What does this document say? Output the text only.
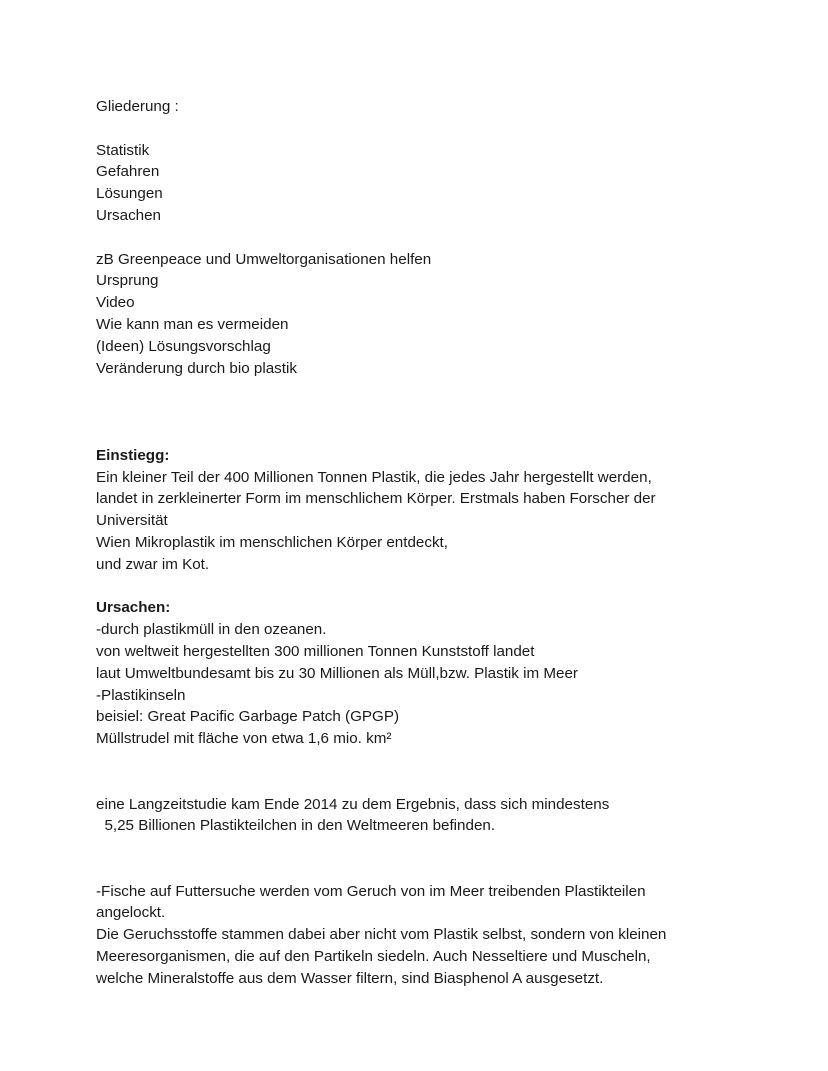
Gliederung :
Statistik
Gefahren
Lösungen
Ursachen
zB Greenpeace und Umweltorganisationen helfen
Ursprung
Video
Wie kann man es vermeiden
(Ideen) Lösungsvorschlag
Veränderung durch bio plastik
Einstiegg:
Ein kleiner Teil der 400 Millionen Tonnen Plastik, die jedes Jahr hergestellt werden,
landet in zerkleinerter Form im menschlichem Körper. Erstmals haben Forscher der
Universität
Wien Mikroplastik im menschlichen Körper entdeckt,
und zwar im Kot.
Ursachen:
-durch plastikmüll in den ozeanen.
von weltweit hergestellten 300 millionen Tonnen Kunststoff landet
laut Umweltbundesamt bis zu 30 Millionen als Müll,bzw. Plastik im Meer
-Plastikinseln
beisiel: Great Pacific Garbage Patch (GPGP)
Müllstrudel mit fläche von etwa 1,6 mio. km²
eine Langzeitstudie kam Ende 2014 zu dem Ergebnis, dass sich mindestens
5,25 Billionen Plastikteilchen in den Weltmeeren befinden.
-Fische auf Futtersuche werden vom Geruch von im Meer treibenden Plastikteilen
angelockt.
Die Geruchsstoffe stammen dabei aber nicht vom Plastik selbst, sondern von kleinen
Meeresorganismen, die auf den Partikeln siedeln. Auch Nesseltiere und Muscheln,
welche Mineralstoffe aus dem Wasser filtern, sind Biasphenol A ausgesetzt.
